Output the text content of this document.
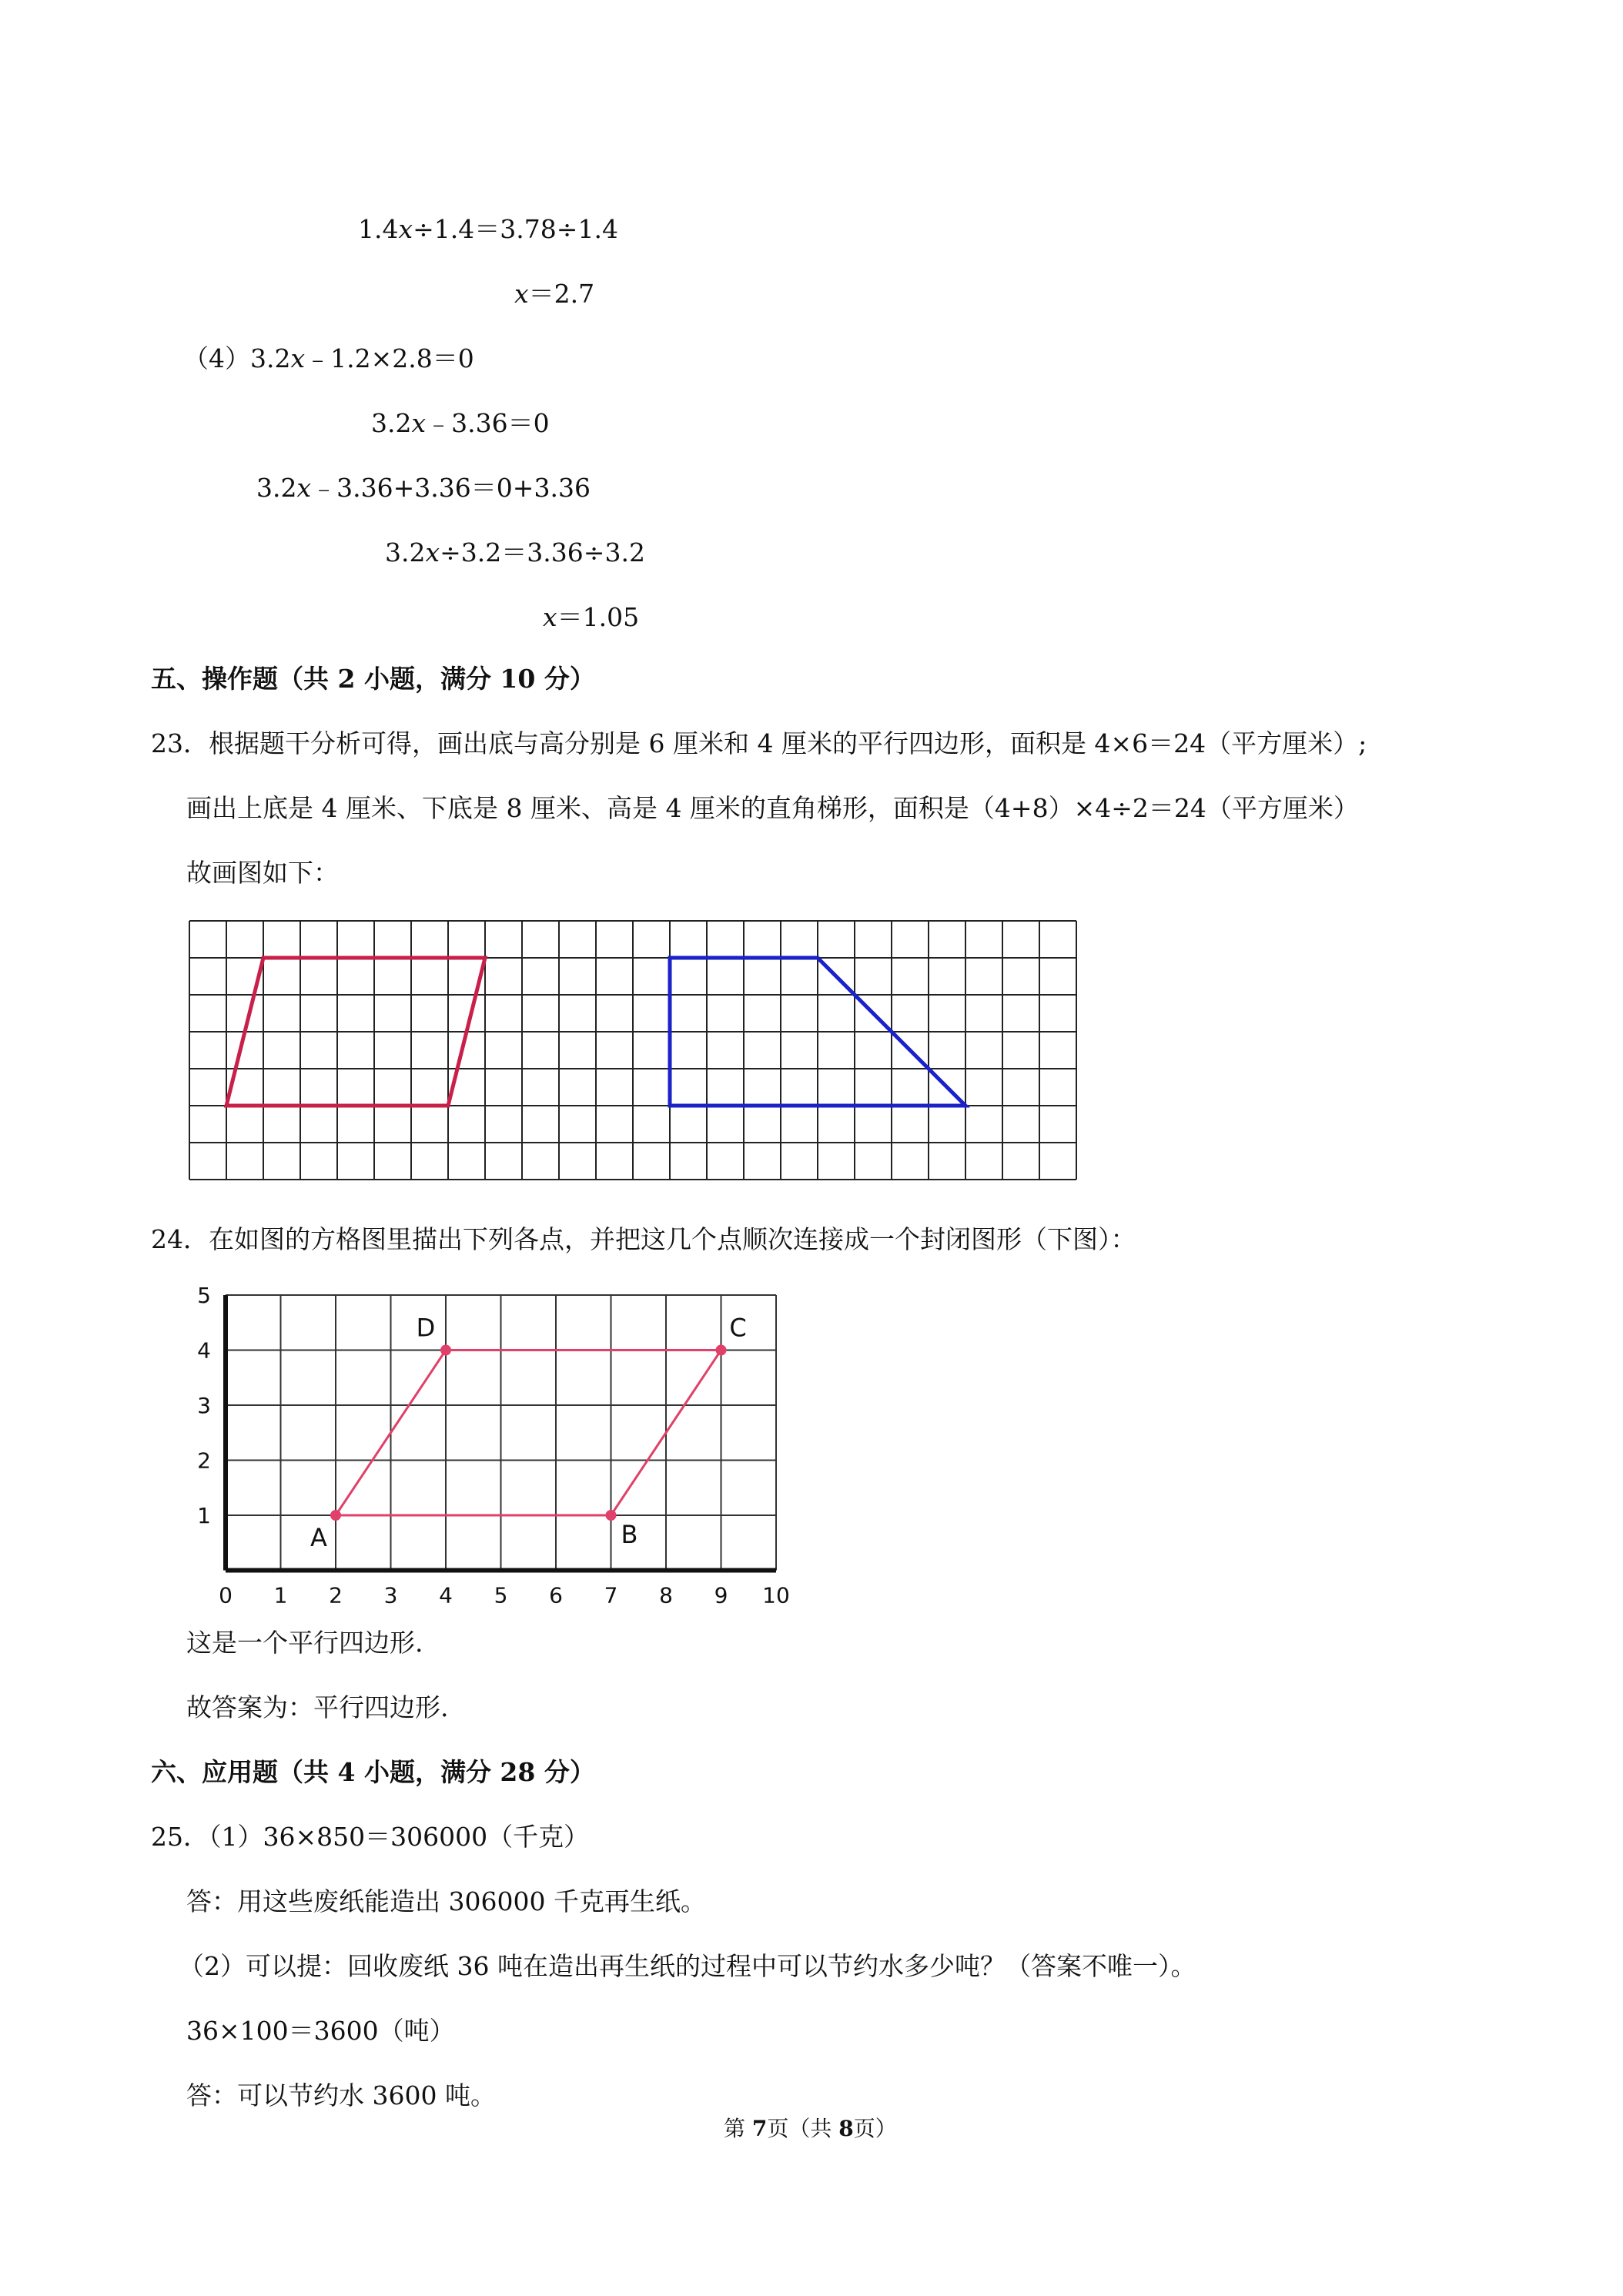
1.4x÷1.4＝3.78÷1.4
x＝2.7
（4）3.2x﹣1.2×2.8＝0
3.2x﹣3.36＝0
3.2x﹣3.36+3.36＝0+3.36
3.2x÷3.2＝3.36÷3.2
x＝1.05
五、操作题（共 2 小题，满分 10 分）
23．根据题干分析可得，画出底与高分别是 6 厘米和 4 厘米的平行四边形，面积是 4×6＝24（平方厘米）;
画出上底是 4 厘米、下底是 8 厘米、高是 4 厘米的直角梯形，面积是（4+8）×4÷2＝24（平方厘米）
故画图如下：
24．在如图的方格图里描出下列各点，并把这几个点顺次连接成一个封闭图形（下图）：
0 1 2 3 4 5 6 7 8 9 10
1
2
3
4
5
A	B
C
D
这是一个平行四边形.
故答案为：平行四边形.
六、应用题（共 4 小题，满分 28 分）
25．（1）36×850＝306000（千克）
答：用这些废纸能造出 306000 千克再生纸。
（2）可以提：回收废纸 36 吨在造出再生纸的过程中可以节约水多少吨？（答案不唯一）。
36×100＝3600（吨）
答：可以节约水 3600 吨。
第 7页（共 8页）
